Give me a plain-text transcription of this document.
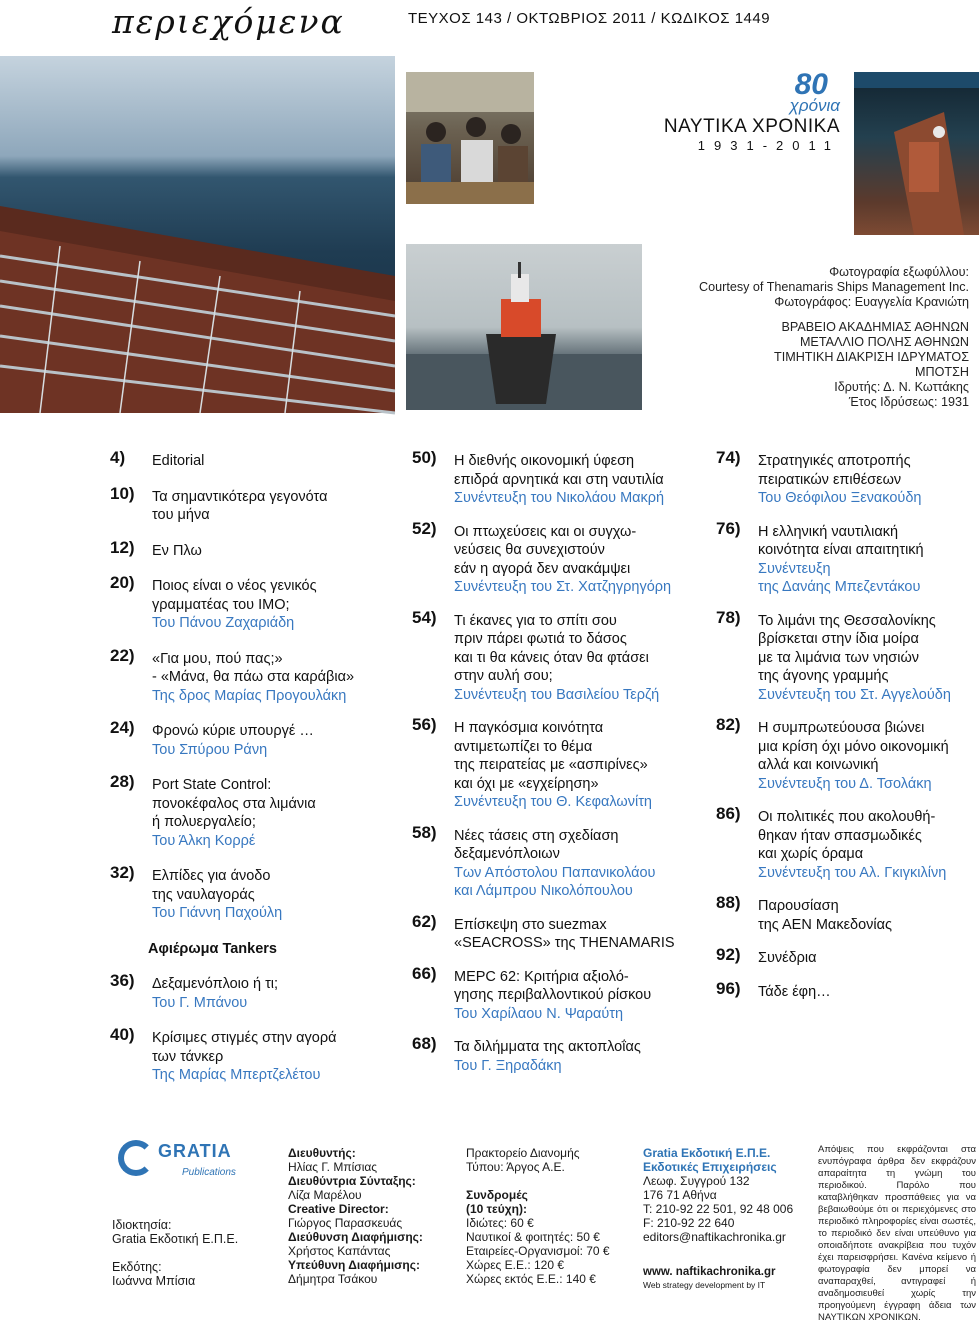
περιεχόμενα	ΤΕΥΧΟΣ 143 / ΟΚΤΩΒΡΙΟΣ 2011 / ΚΩΔΙΚΟΣ 1449
80
χρόνια
ΝΑΥΤΙΚΑ ΧΡΟΝΙΚΑ
1931-2011
Φωτογραφία εξωφύλλου:
Courtesy of Thenamaris Ships Management Inc.
Φωτογράφος: Ευαγγελία Κρανιώτη
ΒΡΑΒΕΙΟ ΑΚΑΔΗΜΙΑΣ ΑΘΗΝΩΝ
ΜΕΤΑΛΛΙΟ ΠΟΛΗΣ ΑΘΗΝΩΝ
ΤΙΜΗΤΙΚΗ ΔΙΑΚΡΙΣΗ ΙΔΡΥΜΑΤΟΣ
ΜΠΟΤΣΗ
Ιδρυτής: Δ. Ν. Κωττάκης
Έτος Ιδρύσεως: 1931
4) Editorial
10) Τα σημαντικότερα γεγονότα
του μήνα
12) Εν Πλω
20) Ποιος είναι ο νέος γενικός
γραμματέας του ΙΜΟ;
Του Πάνου Ζαχαριάδη
22) «Για μου, πού πας;»
- «Μάνα, θα πάω στα καράβια»
Της δρος Μαρίας Προγουλάκη
24) Φρονώ κύριε υπουργέ …
Του Σπύρου Ράνη
28) Port State Control:
πονοκέφαλος στα λιμάνια
ή πολυεργαλείο;
Του Άλκη Κορρέ
32) Ελπίδες για άνοδο
της ναυλαγοράς
Του Γιάννη Παχούλη
Αφιέρωμα Tankers
36) Δεξαμενόπλοιο ή τι;
Του Γ. Μπάνου
40) Κρίσιμες στιγμές στην αγορά
των τάνκερ
Της Μαρίας Μπερτζελέτου
50) Η διεθνής οικονομική ύφεση
επιδρά αρνητικά και στη ναυτιλία
Συνέντευξη του Νικολάου Μακρή
52) Οι πτωχεύσεις και οι συγχω-
νεύσεις θα συνεχιστούν
εάν η αγορά δεν ανακάμψει
Συνέντευξη του Στ. Χατζηγρηγόρη
54) Τι έκανες για το σπίτι σου
πριν πάρει φωτιά το δάσος
και τι θα κάνεις όταν θα φτάσει
στην αυλή σου;
Συνέντευξη του Βασιλείου Τερζή
56) Η παγκόσμια κοινότητα
αντιμετωπίζει το θέμα
της πειρατείας με «ασπιρίνες»
και όχι με «εγχείρηση»
Συνέντευξη του Θ. Κεφαλωνίτη
58) Νέες τάσεις στη σχεδίαση
δεξαμενόπλοιων
Των Απόστολου Παπανικολάου
και Λάμπρου Νικολόπουλου
62) Επίσκεψη στο suezmax
«SEACROSS» της THENAMARIS
66) ΜΕΡC 62: Κριτήρια αξιολό-
γησης περιβαλλοντικού ρίσκου
Του Χαρίλαου Ν. Ψαραύτη
68) Τα διλήμματα της ακτοπλοΐας
Του Γ. Ξηραδάκη
74) Στρατηγικές αποτροπής
πειρατικών επιθέσεων
Του Θεόφιλου Ξενακούδη
76) Η ελληνική ναυτιλιακή
κοινότητα είναι απαιτητική
Συνέντευξη
της Δανάης Μπεζεντάκου
78) Το λιμάνι της Θεσσαλονίκης
βρίσκεται στην ίδια μοίρα
με τα λιμάνια των νησιών
της άγονης γραμμής
Συνέντευξη του Στ. Αγγελούδη
82) Η συμπρωτεύουσα βιώνει
μια κρίση όχι μόνο οικονομική
αλλά και κοινωνική
Συνέντευξη του Δ. Τσολάκη
86) Οι πολιτικές που ακολουθή-
θηκαν ήταν σπασμωδικές
και χωρίς όραμα
Συνέντευξη του Αλ. Γκιγκιλίνη
88) Παρουσίαση
της ΑΕΝ Μακεδονίας
92) Συνέδρια
96) Τάδε έφη…
GRATIA
Publications
Ιδιοκτησία:
Gratia Εκδοτική Ε.Π.Ε.
Εκδότης:
Ιωάννα Μπίσια
Διευθυντής:
Ηλίας Γ. Μπίσιας
Διευθύντρια Σύνταξης:
Λίζα Μαρέλου
Creative Director:
Γιώργος Παρασκευάς
Διεύθυνση Διαφήμισης:
Χρήστος Καπάντας
Υπεύθυνη Διαφήμισης:
Δήμητρα Τσάκου
Πρακτορείο Διανομής
Τύπου: Άργος Α.Ε.
Συνδρομές
(10 τεύχη):
Ιδιώτες: 60 €
Ναυτικοί & φοιτητές: 50 €
Εταιρείες-Οργανισμοί: 70 €
Χώρες Ε.Ε.: 120 €
Χώρες εκτός Ε.Ε.: 140 €
Gratia Εκδοτική Ε.Π.Ε.
Εκδοτικές Επιχειρήσεις
Λεωφ. Συγγρού 132
176 71 Αθήνα
Τ: 210-92 22 501, 92 48 006
F: 210-92 22 640
editors@naftikachronika.gr
www. naftikachronika.gr
Web strategy development by IT
Απόψεις που εκφράζονται στα ενυπόγραφα άρθρα δεν εκφράζουν απαραίτητα τη γνώμη του περιοδικού. Παρόλο που καταβλήθηκαν προσπάθειες για να βεβαιωθούμε ότι οι περιεχόμενες στο περιοδικό πληροφορίες είναι σωστές, το περιοδικό δεν είναι υπεύθυνο για οποιαδήποτε ανακρίβεια που τυχόν έχει παρεισφρήσει. Κανένα κείμενο ή φωτογραφία δεν μπορεί να αναπαραχθεί, αντιγραφεί ή αναδημοσιευθεί χωρίς την προηγούμενη έγγραφη άδεια των ΝΑΥΤΙΚΩΝ ΧΡΟΝΙΚΩΝ.
